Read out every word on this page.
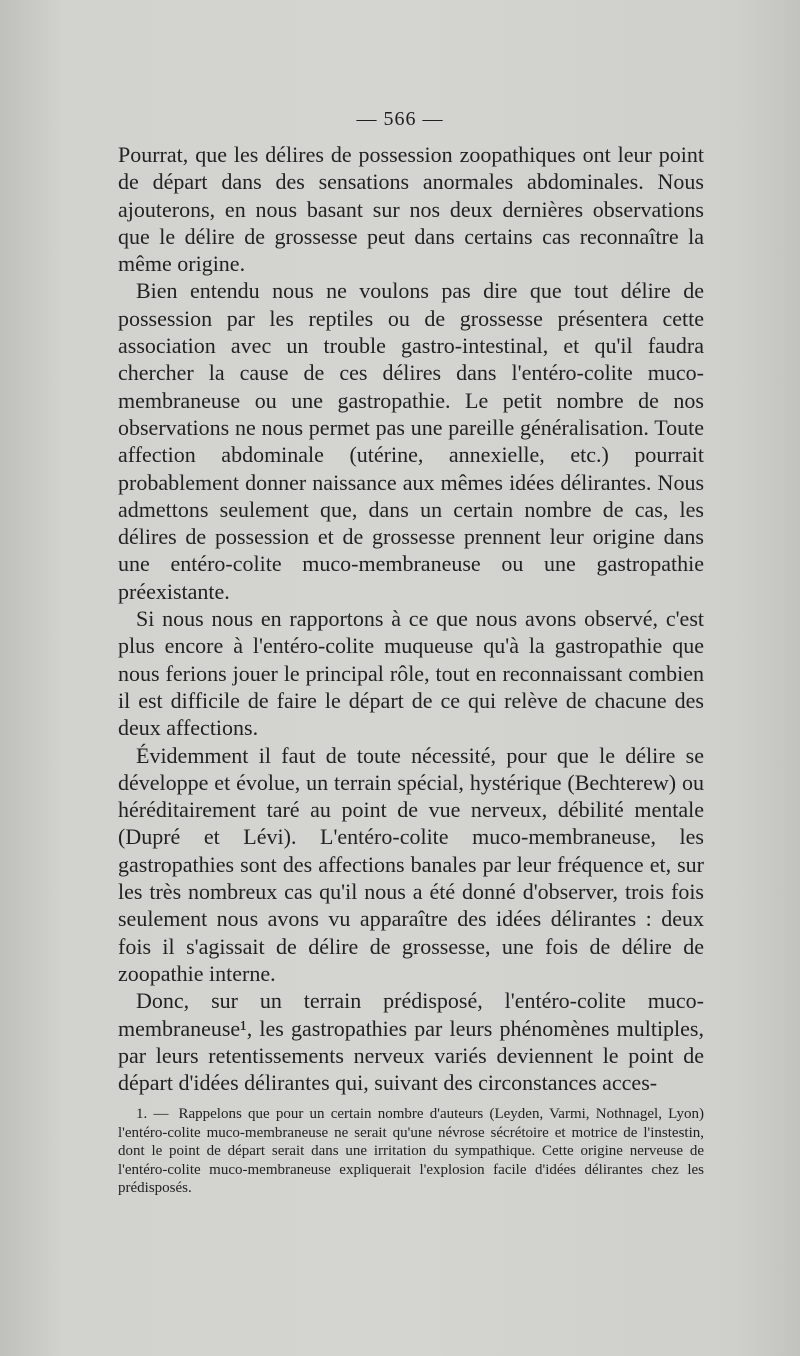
— 566 —

Pourrat, que les délires de possession zoopathiques ont leur point de départ dans des sensations anormales abdominales. Nous ajouterons, en nous basant sur nos deux dernières observations que le délire de grossesse peut dans certains cas reconnaître la même origine.

Bien entendu nous ne voulons pas dire que tout délire de possession par les reptiles ou de grossesse présentera cette association avec un trouble gastro-intestinal, et qu'il faudra chercher la cause de ces délires dans l'entéro-colite muco-membraneuse ou une gastropathie. Le petit nombre de nos observations ne nous permet pas une pareille généralisation. Toute affection abdominale (utérine, annexielle, etc.) pourrait probablement donner naissance aux mêmes idées délirantes. Nous admettons seulement que, dans un certain nombre de cas, les délires de possession et de grossesse prennent leur origine dans une entéro-colite muco-membraneuse ou une gastropathie préexistante.

Si nous nous en rapportons à ce que nous avons observé, c'est plus encore à l'entéro-colite muqueuse qu'à la gastropathie que nous ferions jouer le principal rôle, tout en reconnaissant combien il est difficile de faire le départ de ce qui relève de chacune des deux affections.

Évidemment il faut de toute nécessité, pour que le délire se développe et évolue, un terrain spécial, hystérique (Bechterew) ou héréditairement taré au point de vue nerveux, débilité mentale (Dupré et Lévi). L'entéro-colite muco-membraneuse, les gastropathies sont des affections banales par leur fréquence et, sur les très nombreux cas qu'il nous a été donné d'observer, trois fois seulement nous avons vu apparaître des idées délirantes : deux fois il s'agissait de délire de grossesse, une fois de délire de zoopathie interne.

Donc, sur un terrain prédisposé, l'entéro-colite muco-membraneuse¹, les gastropathies par leurs phénomènes multiples, par leurs retentissements nerveux variés deviennent le point de départ d'idées délirantes qui, suivant des circonstances acces-

1. — Rappelons que pour un certain nombre d'auteurs (Leyden, Varmi, Nothnagel, Lyon) l'entéro-colite muco-membraneuse ne serait qu'une névrose sécrétoire et motrice de l'instestin, dont le point de départ serait dans une irritation du sympathique. Cette origine nerveuse de l'entéro-colite muco-membraneuse expliquerait l'explosion facile d'idées délirantes chez les prédisposés.
